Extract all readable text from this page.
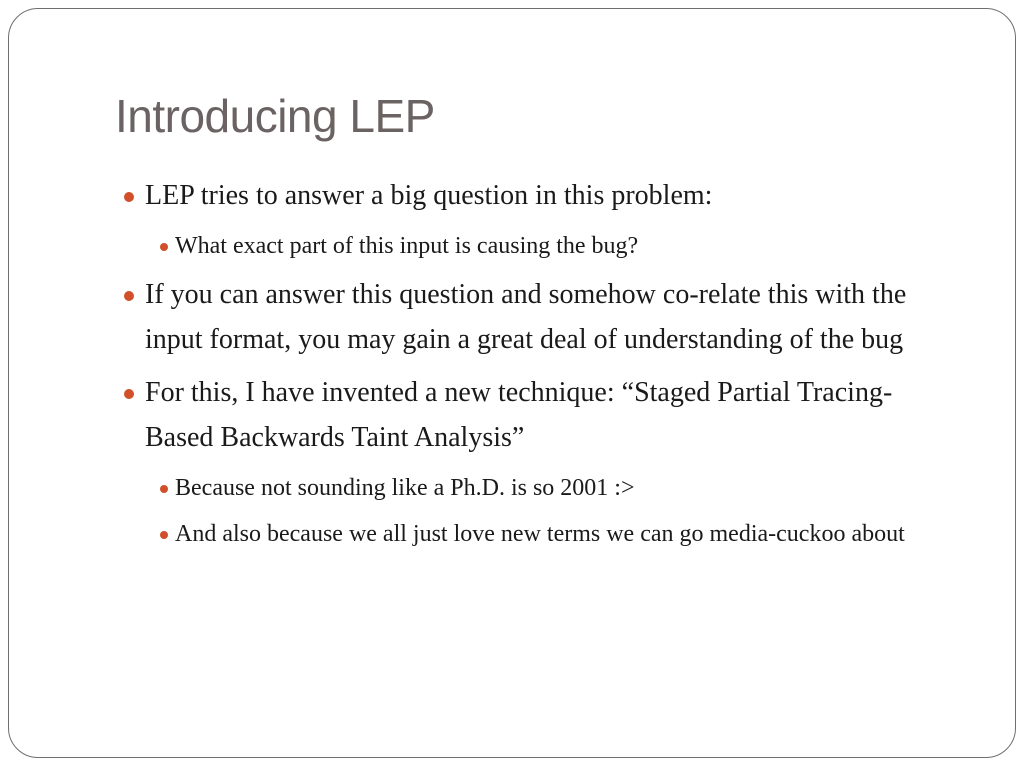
Introducing LEP

LEP tries to answer a big question in this problem:

What exact part of this input is causing the bug?

If you can answer this question and somehow co-relate this with the input format, you may gain a great deal of understanding of the bug

For this, I have invented a new technique: “Staged Partial Tracing-Based Backwards Taint Analysis”

Because not sounding like a Ph.D. is so 2001 :>

And also because we all just love new terms we can go media-cuckoo about
